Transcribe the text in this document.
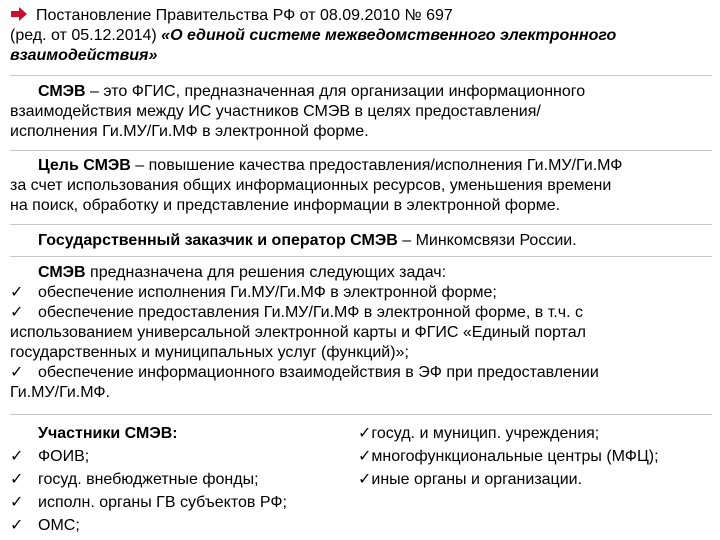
Постановление Правительства РФ от 08.09.2010 № 697
(ред. от 05.12.2014) «О единой системе межведомственного электронного
взаимодействия»
СМЭВ – это ФГИС, предназначенная для организации информационного
взаимодействия между ИС участников СМЭВ в целях предоставления/
исполнения Ги.МУ/Ги.МФ в электронной форме.
Цель СМЭВ – повышение качества предоставления/исполнения Ги.МУ/Ги.МФ
за счет использования общих информационных ресурсов, уменьшения времени
на поиск, обработку и представление информации в электронной форме.
Государственный заказчик и оператор СМЭВ – Минкомсвязи России.
СМЭВ предназначена для решения следующих задач:
✓ обеспечение исполнения Ги.МУ/Ги.МФ в электронной форме;
✓ обеспечение предоставления Ги.МУ/Ги.МФ в электронной форме, в т.ч. с
использованием универсальной электронной карты и ФГИС «Единый портал
государственных и муниципальных услуг (функций)»;
✓ обеспечение информационного взаимодействия в ЭФ при предоставлении
Ги.МУ/Ги.МФ.
Участники СМЭВ:
✓ ФОИВ;
✓ госуд. внебюджетные фонды;
✓ исполн. органы ГВ субъектов РФ;
✓ ОМС;
✓госуд. и муницип. учреждения;
✓многофункциональные центры (МФЦ);
✓иные органы и организации.
